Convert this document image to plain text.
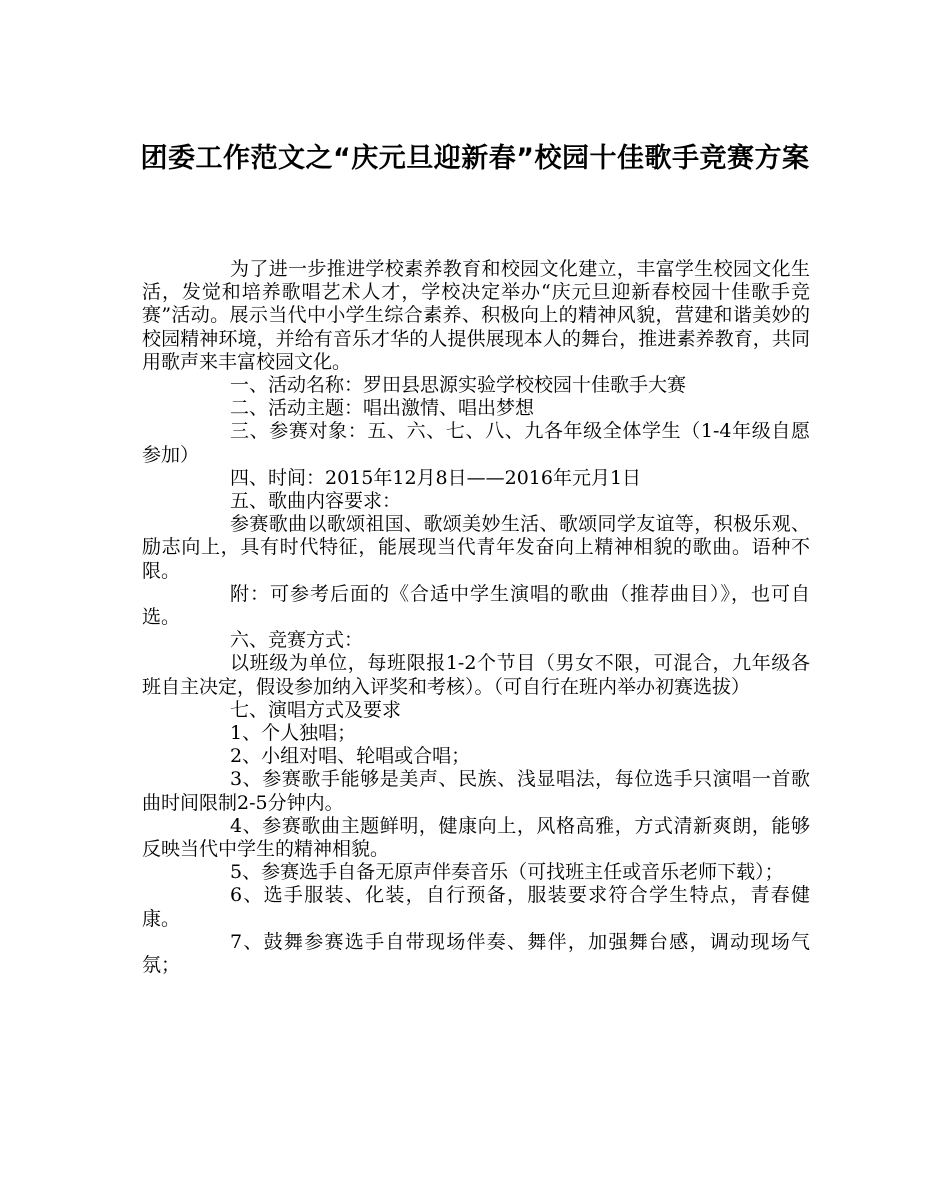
团委工作范文之“庆元旦迎新春”校园十佳歌手竞赛方案

为了进一步推进学校素养教育和校园文化建立，丰富学生校园文化生活，发觉和培养歌唱艺术人才，学校决定举办“庆元旦迎新春校园十佳歌手竞赛”活动。展示当代中小学生综合素养、积极向上的精神风貌，营建和谐美妙的校园精神环境，并给有音乐才华的人提供展现本人的舞台，推进素养教育，共同用歌声来丰富校园文化。

一、活动名称：罗田县思源实验学校校园十佳歌手大赛

二、活动主题：唱出激情、唱出梦想

三、参赛对象：五、六、七、八、九各年级全体学生（1-4年级自愿参加）

四、时间：2015年12月8日——2016年元月1日

五、歌曲内容要求：

参赛歌曲以歌颂祖国、歌颂美妙生活、歌颂同学友谊等，积极乐观、励志向上，具有时代特征，能展现当代青年发奋向上精神相貌的歌曲。语种不限。

附：可参考后面的《合适中学生演唱的歌曲（推荐曲目）》，也可自选。

六、竞赛方式：

以班级为单位，每班限报1-2个节目（男女不限，可混合，九年级各班自主决定，假设参加纳入评奖和考核）。（可自行在班内举办初赛选拔）

七、演唱方式及要求

1、个人独唱；

2、小组对唱、轮唱或合唱；

3、参赛歌手能够是美声、民族、浅显唱法，每位选手只演唱一首歌曲时间限制2-5分钟内。

4、参赛歌曲主题鲜明，健康向上，风格高雅，方式清新爽朗，能够反映当代中学生的精神相貌。

5、参赛选手自备无原声伴奏音乐（可找班主任或音乐老师下载）；

6、选手服装、化装，自行预备，服装要求符合学生特点，青春健康。

7、鼓舞参赛选手自带现场伴奏、舞伴，加强舞台感，调动现场气氛；
